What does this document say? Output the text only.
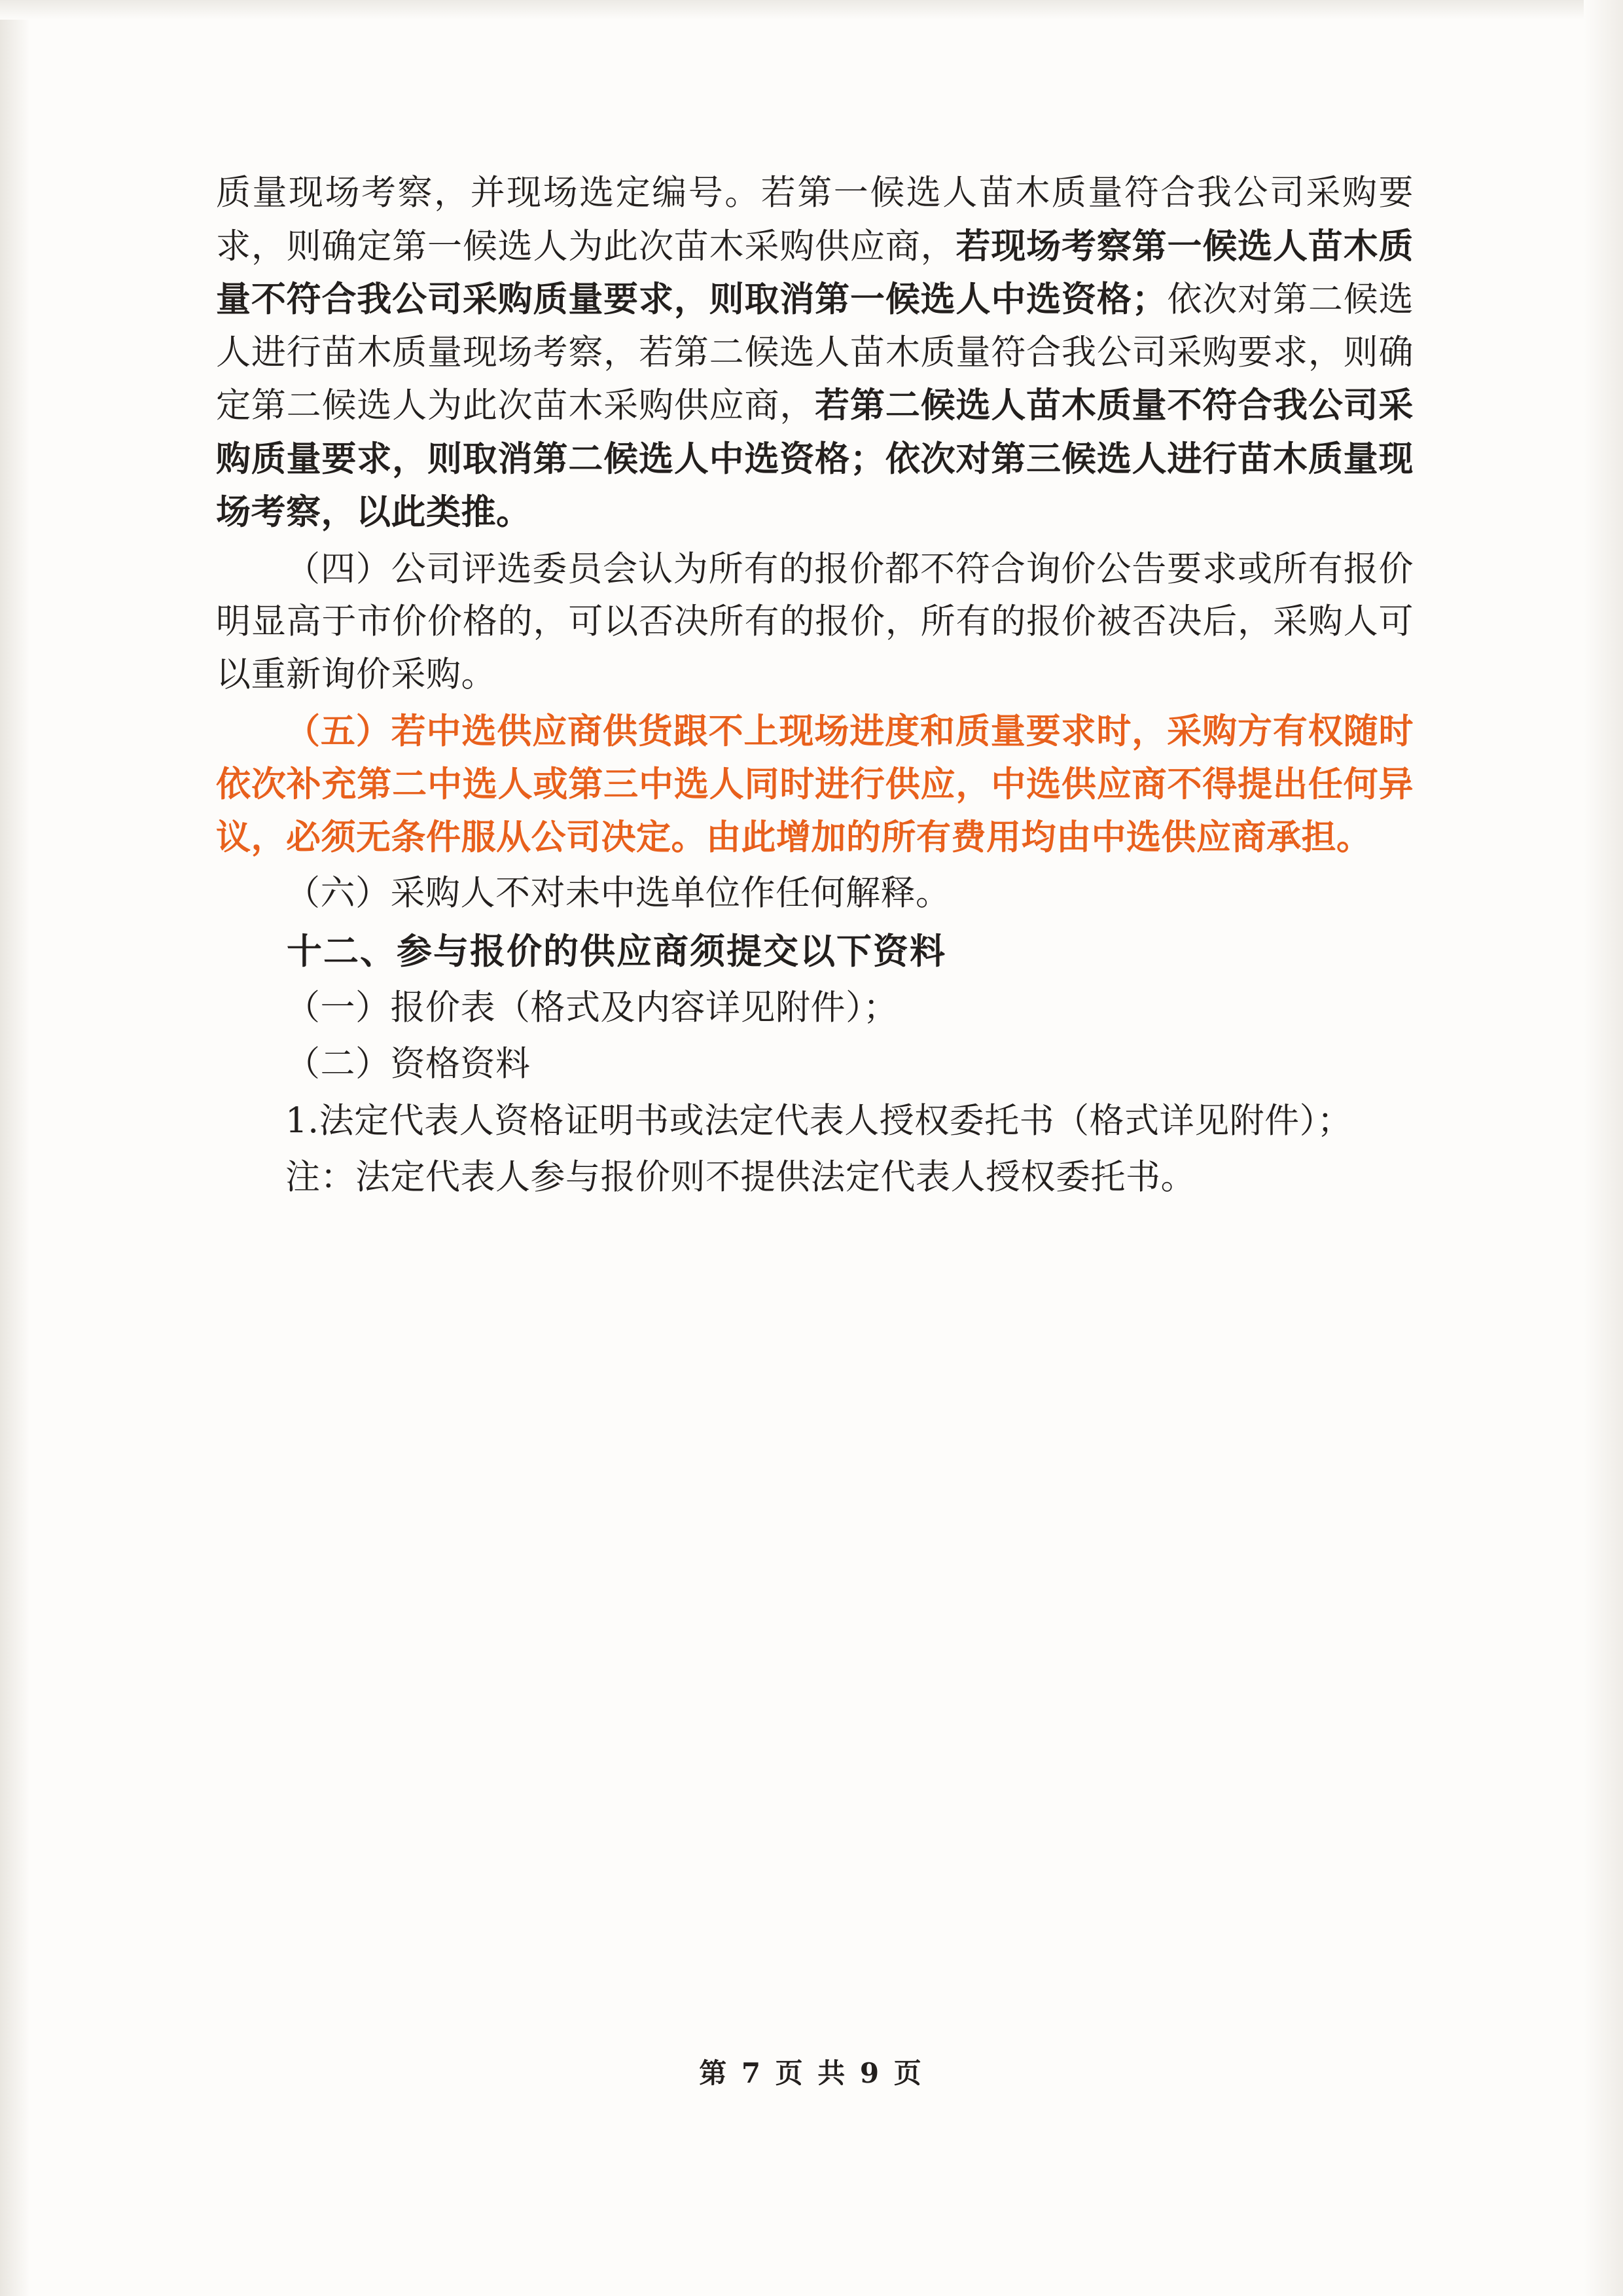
质量现场考察，并现场选定编号。若第一候选人苗木质量符合我公司采购要求，则确定第一候选人为此次苗木采购供应商，若现场考察第一候选人苗木质量不符合我公司采购质量要求，则取消第一候选人中选资格；依次对第二候选人进行苗木质量现场考察，若第二候选人苗木质量符合我公司采购要求，则确定第二候选人为此次苗木采购供应商，若第二候选人苗木质量不符合我公司采购质量要求，则取消第二候选人中选资格；依次对第三候选人进行苗木质量现场考察，以此类推。

（四）公司评选委员会认为所有的报价都不符合询价公告要求或所有报价明显高于市价价格的，可以否决所有的报价，所有的报价被否决后，采购人可以重新询价采购。

（五）若中选供应商供货跟不上现场进度和质量要求时，采购方有权随时依次补充第二中选人或第三中选人同时进行供应，中选供应商不得提出任何异议，必须无条件服从公司决定。由此增加的所有费用均由中选供应商承担。

（六）采购人不对未中选单位作任何解释。

十二、参与报价的供应商须提交以下资料

（一）报价表（格式及内容详见附件）；

（二）资格资料

1.法定代表人资格证明书或法定代表人授权委托书（格式详见附件）；

注：法定代表人参与报价则不提供法定代表人授权委托书。

第 7 页 共 9 页
